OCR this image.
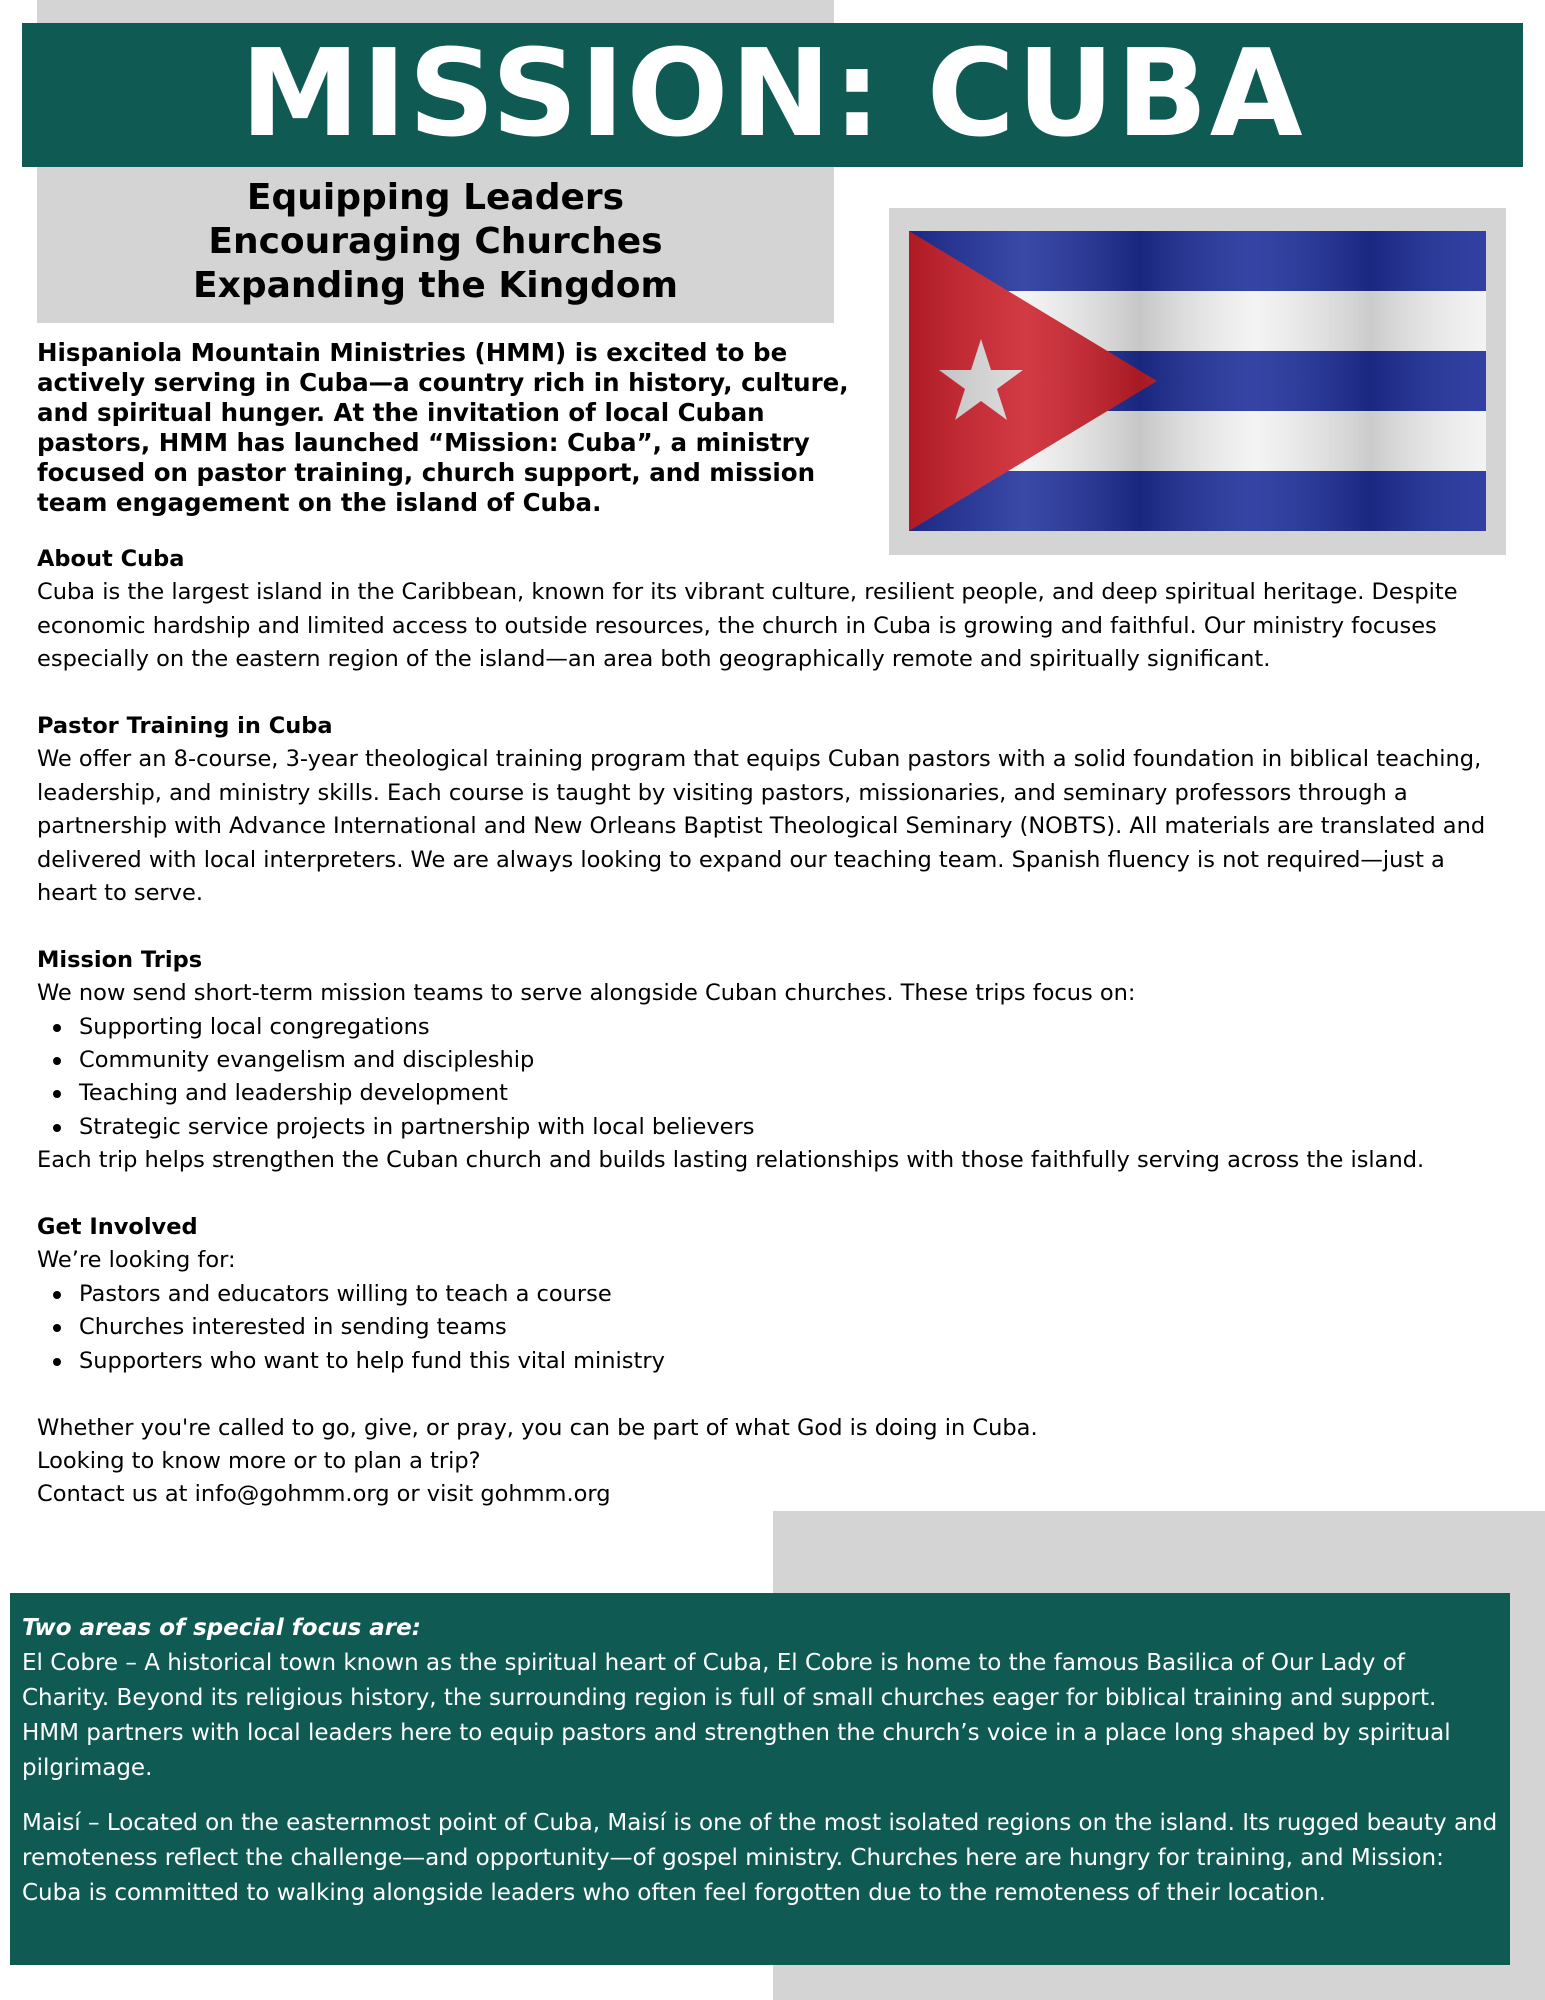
MISSION: CUBA
Equipping Leaders
Encouraging Churches
Expanding the Kingdom
Hispaniola Mountain Ministries (HMM) is excited to be actively serving in Cuba—a country rich in history, culture, and spiritual hunger. At the invitation of local Cuban pastors, HMM has launched “Mission: Cuba”, a ministry focused on pastor training, church support, and mission team engagement on the island of Cuba.

About Cuba

Cuba is the largest island in the Caribbean, known for its vibrant culture, resilient people, and deep spiritual heritage. Despite economic hardship and limited access to outside resources, the church in Cuba is growing and faithful. Our ministry focuses especially on the eastern region of the island—an area both geographically remote and spiritually significant.

Pastor Training in Cuba

We offer an 8-course, 3-year theological training program that equips Cuban pastors with a solid foundation in biblical teaching, leadership, and ministry skills. Each course is taught by visiting pastors, missionaries, and seminary professors through a partnership with Advance International and New Orleans Baptist Theological Seminary (NOBTS). All materials are translated and delivered with local interpreters. We are always looking to expand our teaching team. Spanish fluency is not required—just a heart to serve.

Mission Trips

We now send short-term mission teams to serve alongside Cuban churches. These trips focus on:

Supporting local congregations
Community evangelism and discipleship
Teaching and leadership development
Strategic service projects in partnership with local believers

Each trip helps strengthen the Cuban church and builds lasting relationships with those faithfully serving across the island.

Get Involved

We’re looking for:

Pastors and educators willing to teach a course
Churches interested in sending teams
Supporters who want to help fund this vital ministry

Whether you're called to go, give, or pray, you can be part of what God is doing in Cuba.

Looking to know more or to plan a trip?

Contact us at info@gohmm.org or visit gohmm.org

Two areas of special focus are:

El Cobre – A historical town known as the spiritual heart of Cuba, El Cobre is home to the famous Basilica of Our Lady of Charity. Beyond its religious history, the surrounding region is full of small churches eager for biblical training and support. HMM partners with local leaders here to equip pastors and strengthen the church’s voice in a place long shaped by spiritual pilgrimage.

Maisí – Located on the easternmost point of Cuba, Maisí is one of the most isolated regions on the island. Its rugged beauty and remoteness reflect the challenge—and opportunity—of gospel ministry. Churches here are hungry for training, and Mission: Cuba is committed to walking alongside leaders who often feel forgotten due to the remoteness of their location.
